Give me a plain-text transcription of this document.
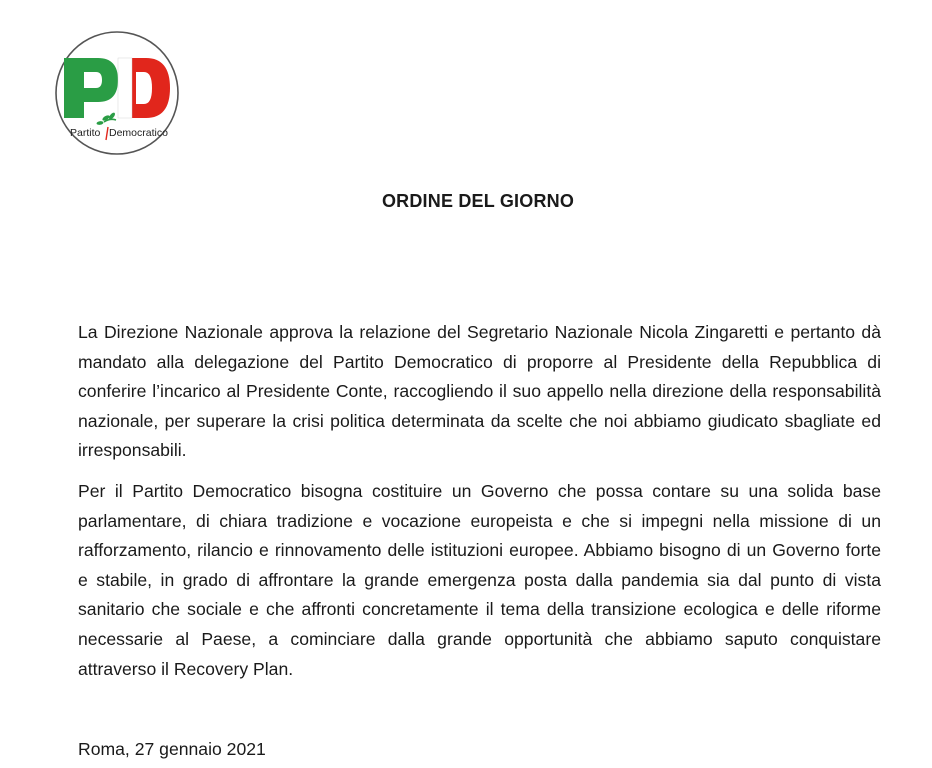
Partito Democratico
ORDINE DEL GIORNO

La Direzione Nazionale approva la relazione del Segretario Nazionale Nicola Zingaretti e pertanto dà mandato alla delegazione del Partito Democratico di proporre al Presidente della Repubblica di conferire l’incarico al Presidente Conte, raccogliendo il suo appello nella direzione della responsabilità nazionale, per superare la crisi politica determinata da scelte che noi abbiamo giudicato sbagliate ed irresponsabili.

Per il Partito Democratico bisogna costituire un Governo che possa contare su una solida base parlamentare, di chiara tradizione e vocazione europeista e che si impegni nella missione di un rafforzamento, rilancio e rinnovamento delle istituzioni europee. Abbiamo bisogno di un Governo forte e stabile, in grado di affrontare la grande emergenza posta dalla pandemia sia dal punto di vista sanitario che sociale e che affronti concretamente il tema della transizione ecologica e delle riforme necessarie al Paese, a cominciare dalla grande opportunità che abbiamo saputo conquistare attraverso il Recovery Plan.

Roma, 27 gennaio 2021
